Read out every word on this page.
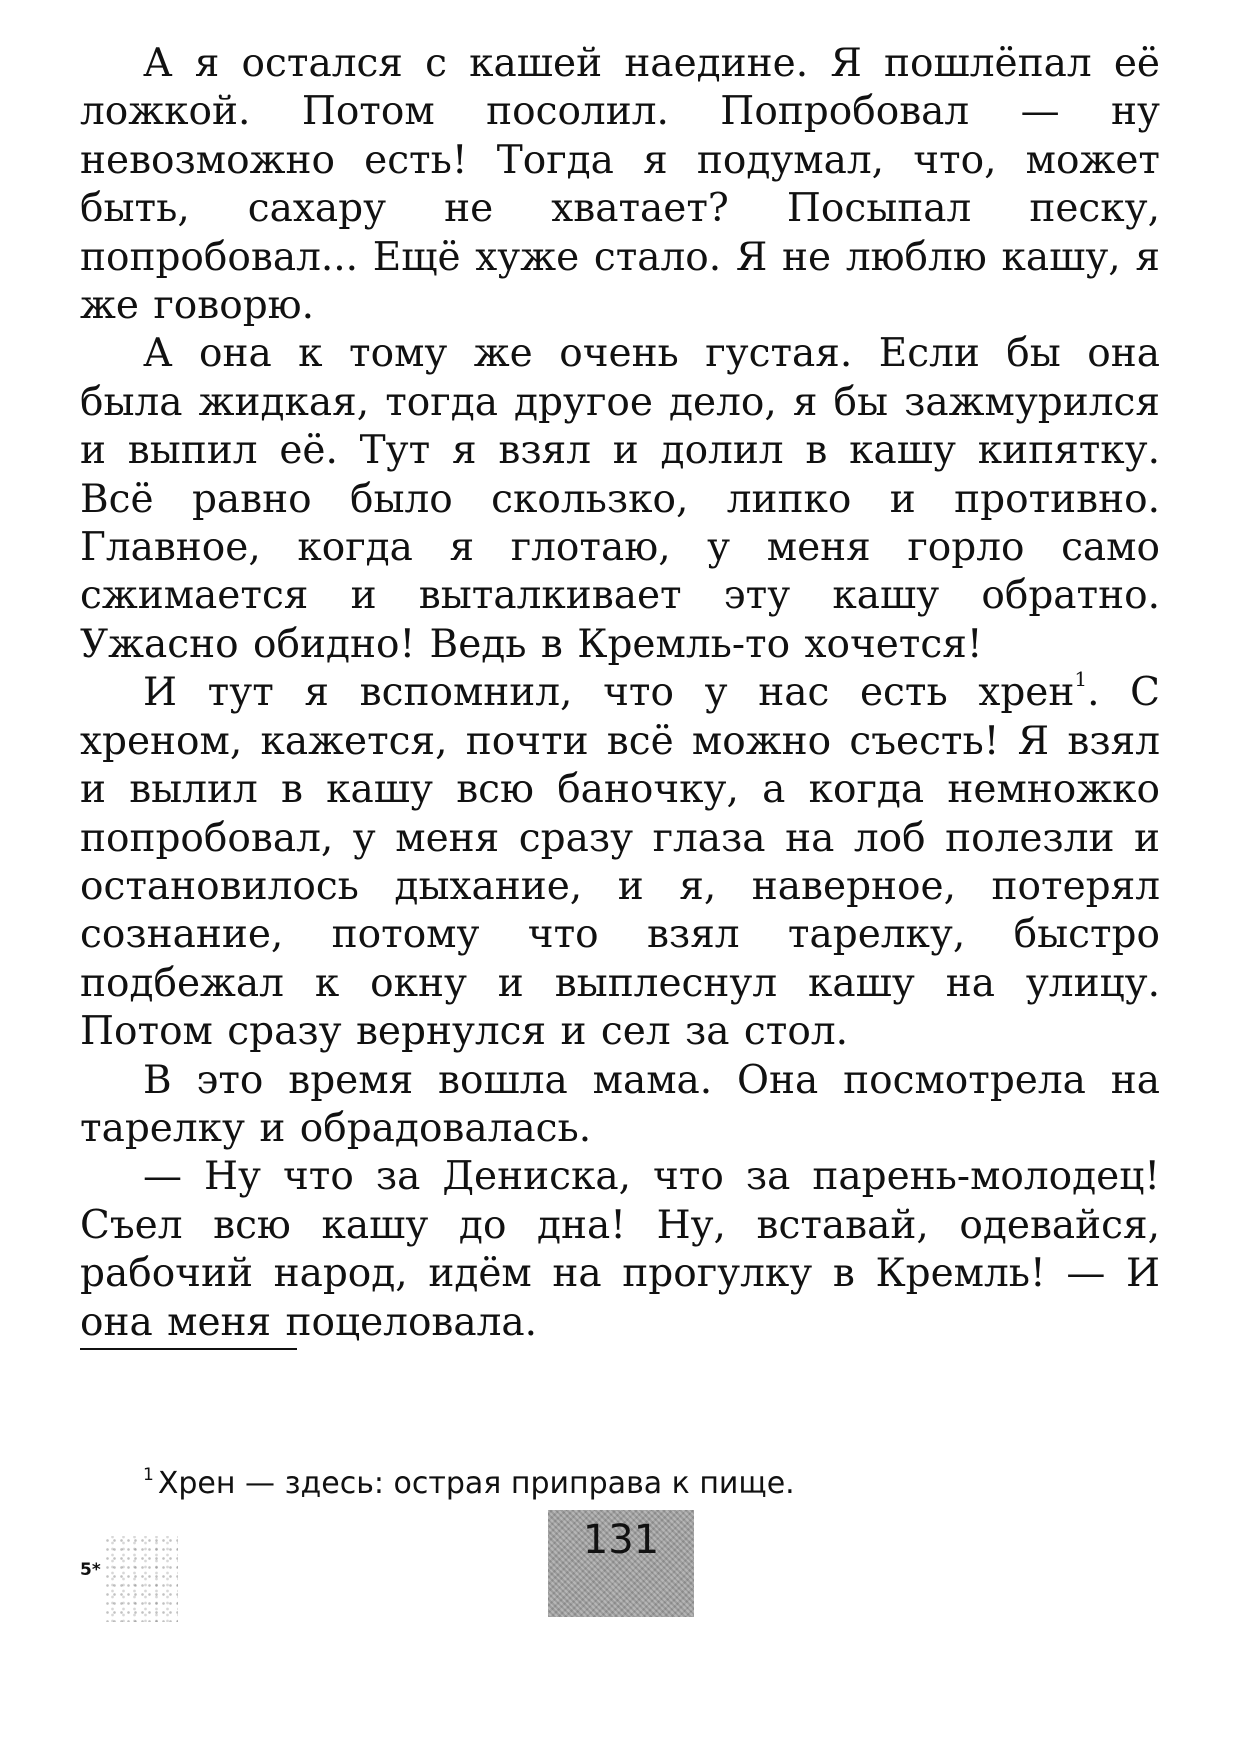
А я остался с кашей наедине. Я пошлёпал её ложкой. Потом посолил. Попробовал — ну невозможно есть! Тогда я подумал, что, может быть, сахару не хватает? Посыпал песку, попробовал... Ещё хуже стало. Я не люблю кашу, я же говорю.

А она к тому же очень густая. Если бы она была жидкая, тогда другое дело, я бы зажмурился и выпил её. Тут я взял и долил в кашу кипятку. Всё равно было скользко, липко и противно. Главное, когда я глотаю, у меня горло само сжимается и выталкивает эту кашу обратно. Ужасно обидно! Ведь в Кремль-то хочется!

И тут я вспомнил, что у нас есть хрен$^1$. С хреном, кажется, почти всё можно съесть! Я взял и вылил в кашу всю баночку, а когда немножко попробовал, у меня сразу глаза на лоб полезли и остановилось дыхание, и я, наверное, потерял сознание, потому что взял тарелку, быстро подбежал к окну и выплеснул кашу на улицу. Потом сразу вернулся и сел за стол.

В это время вошла мама. Она посмотрела на тарелку и обрадовалась.

— Ну что за Дениска, что за парень-молодец! Съел всю кашу до дна! Ну, вставай, одевайся, рабочий народ, идём на прогулку в Кремль! — И она меня поцеловала.

$^1$ Хрен — здесь: острая приправа к пище.

5*
131
